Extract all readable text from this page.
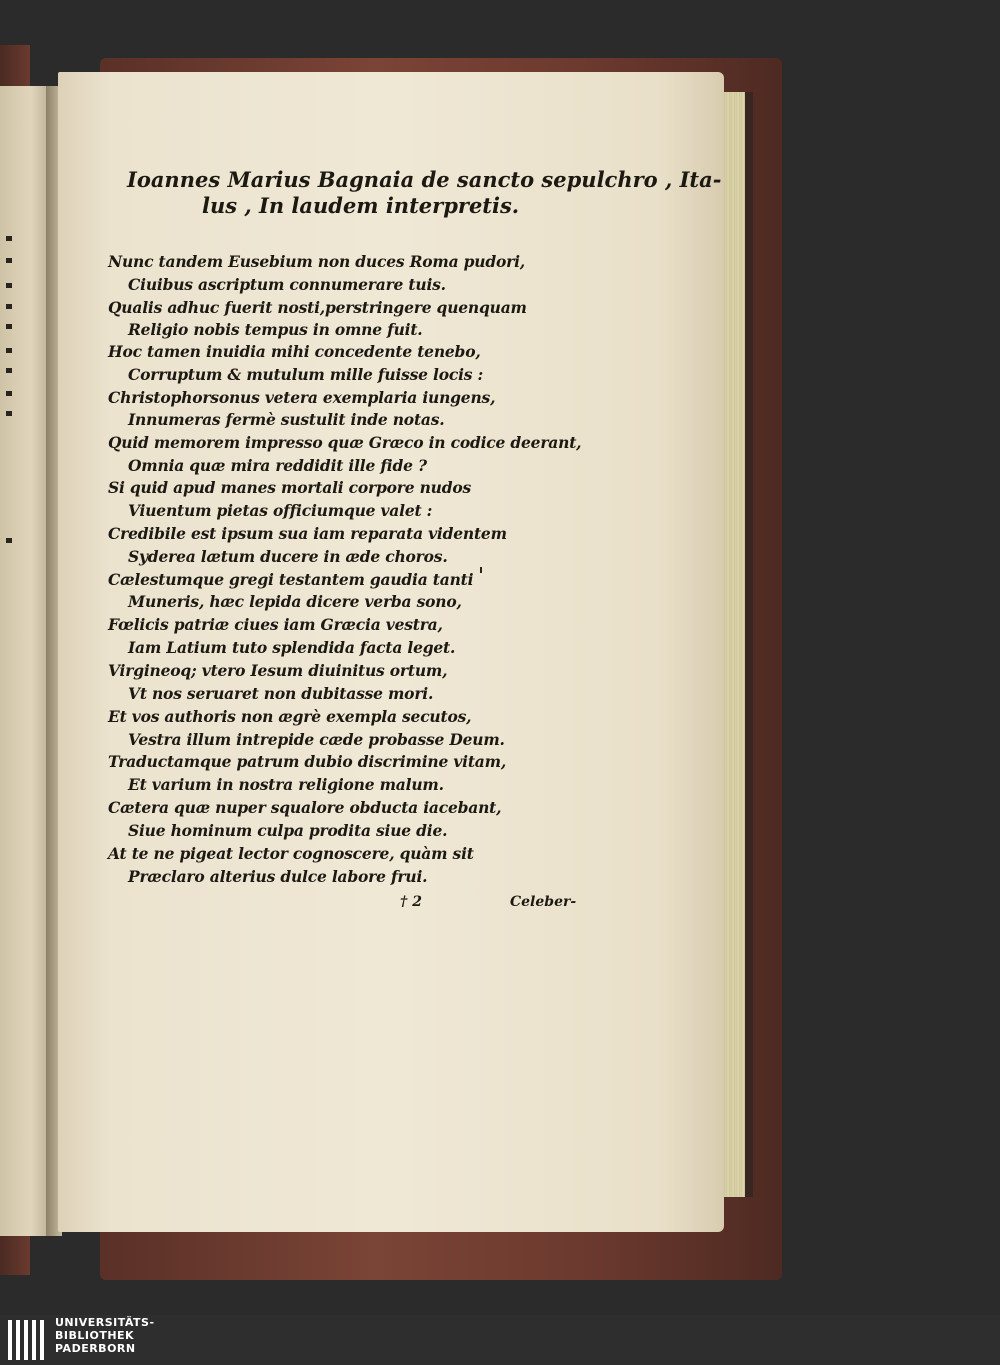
Ioannes Marius Bagnaia de sancto sepulchro , Ita-
lus , In laudem interpretis.
Nunc tandem Eusebium non duces Roma pudori,
Ciuibus ascriptum connumerare tuis.
Qualis adhuc fuerit nosti,perstringere quenquam
Religio nobis tempus in omne fuit.
Hoc tamen inuidia mihi concedente tenebo,
Corruptum & mutulum mille fuisse locis :
Christophorsonus vetera exemplaria iungens,
Innumeras fermè sustulit inde notas.
Quid memorem impresso quæ Græco in codice deerant,
Omnia quæ mira reddidit ille fide ?
Si quid apud manes mortali corpore nudos
Viuentum pietas officiumque valet :
Credibile est ipsum sua iam reparata videntem
Syderea lætum ducere in æde choros.
Cælestumque gregi testantem gaudia tanti
Muneris, hæc lepida dicere verba sono,
Fœlicis patriæ ciues iam Græcia vestra,
Iam Latium tuto splendida facta leget.
Virgineoq; vtero Iesum diuinitus ortum,
Vt nos seruaret non dubitasse mori.
Et vos authoris non ægrè exempla secutos,
Vestra illum intrepide cæde probasse Deum.
Traductamque patrum dubio discrimine vitam,
Et varium in nostra religione malum.
Cætera quæ nuper squalore obducta iacebant,
Siue hominum culpa prodita siue die.
At te ne pigeat lector cognoscere, quàm sit
Præclaro alterius dulce labore frui.
† 2	Celeber-
UNIVERSITÄTS-
BIBLIOTHEK
PADERBORN
